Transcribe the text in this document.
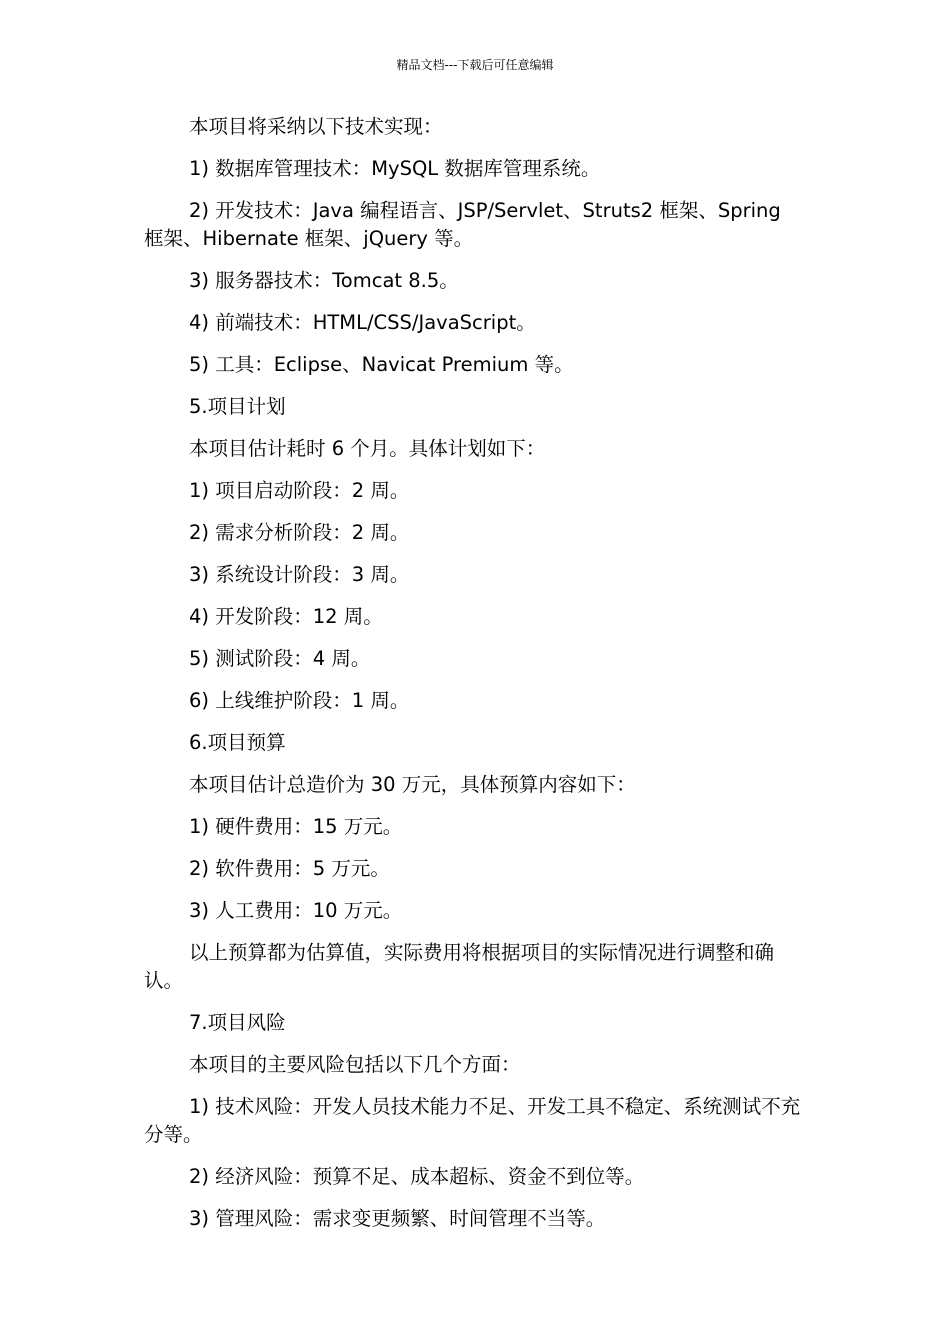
精品文档---下载后可任意编辑

本项目将采纳以下技术实现：

1) 数据库管理技术：MySQL 数据库管理系统。

2) 开发技术：Java 编程语言、JSP/Servlet、Struts2 框架、Spring 框架、Hibernate 框架、jQuery 等。

3) 服务器技术：Tomcat 8.5。

4) 前端技术：HTML/CSS/JavaScript。

5) 工具：Eclipse、Navicat Premium 等。

5.项目计划

本项目估计耗时 6 个月。具体计划如下：

1) 项目启动阶段：2 周。

2) 需求分析阶段：2 周。

3) 系统设计阶段：3 周。

4) 开发阶段：12 周。

5) 测试阶段：4 周。

6) 上线维护阶段：1 周。

6.项目预算

本项目估计总造价为 30 万元，具体预算内容如下：

1) 硬件费用：15 万元。

2) 软件费用：5 万元。

3) 人工费用：10 万元。

以上预算都为估算值，实际费用将根据项目的实际情况进行调整和确认。

7.项目风险

本项目的主要风险包括以下几个方面：

1) 技术风险：开发人员技术能力不足、开发工具不稳定、系统测试不充分等。

2) 经济风险：预算不足、成本超标、资金不到位等。

3) 管理风险：需求变更频繁、时间管理不当等。
